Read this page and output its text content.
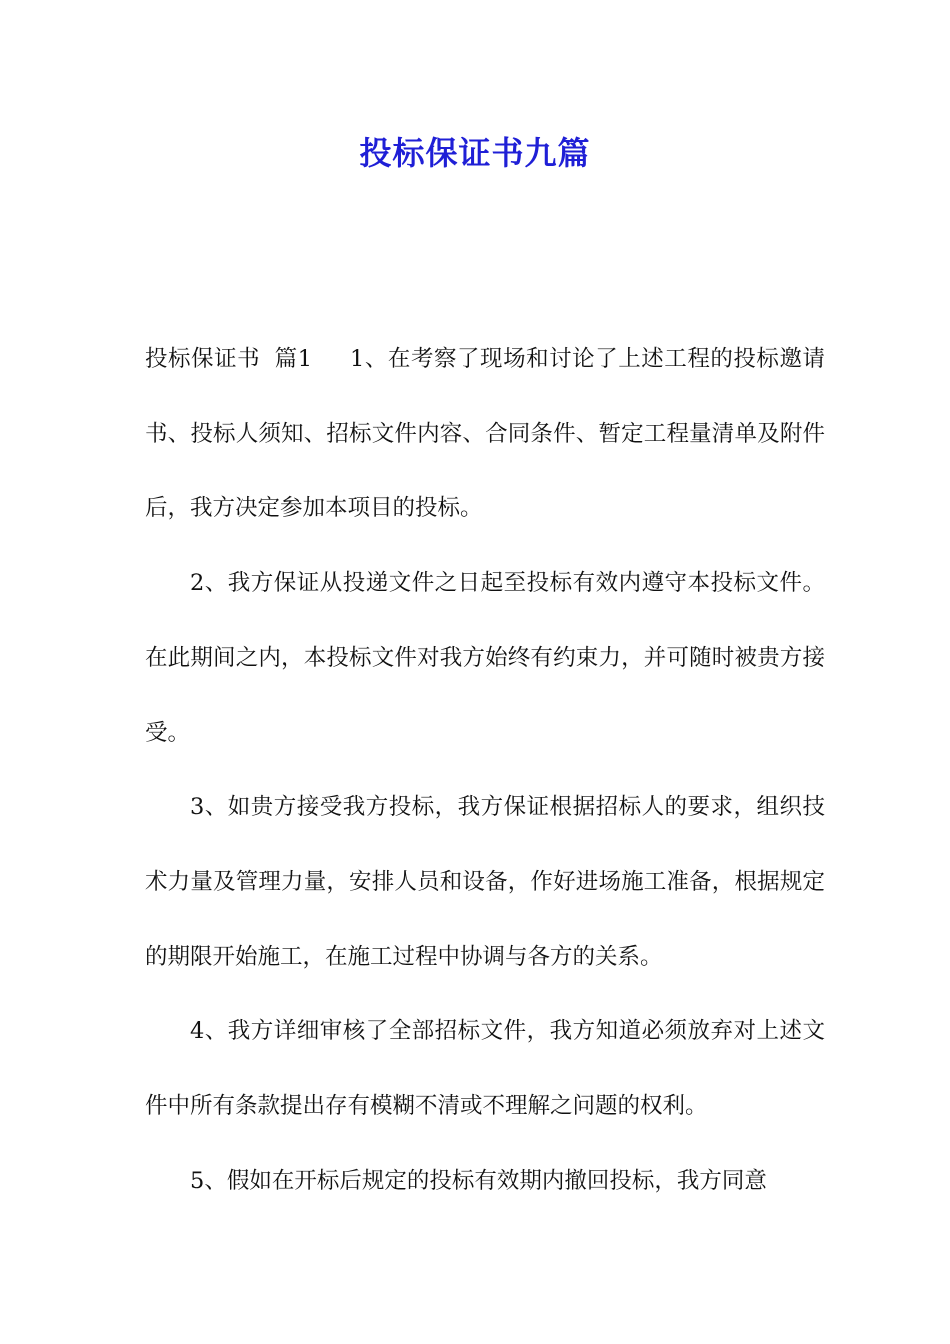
投标保证书九篇

投标保证书 篇1 1、在考察了现场和讨论了上述工程的投标邀请书、投标人须知、招标文件内容、合同条件、暂定工程量清单及附件后，我方决定参加本项目的投标。

2、我方保证从投递文件之日起至投标有效内遵守本投标文件。在此期间之内，本投标文件对我方始终有约束力，并可随时被贵方接受。

3、如贵方接受我方投标，我方保证根据招标人的要求，组织技术力量及管理力量，安排人员和设备，作好进场施工准备，根据规定的期限开始施工，在施工过程中协调与各方的关系。

4、我方详细审核了全部招标文件，我方知道必须放弃对上述文件中所有条款提出存有模糊不清或不理解之问题的权利。

5、假如在开标后规定的投标有效期内撤回投标，我方同意
